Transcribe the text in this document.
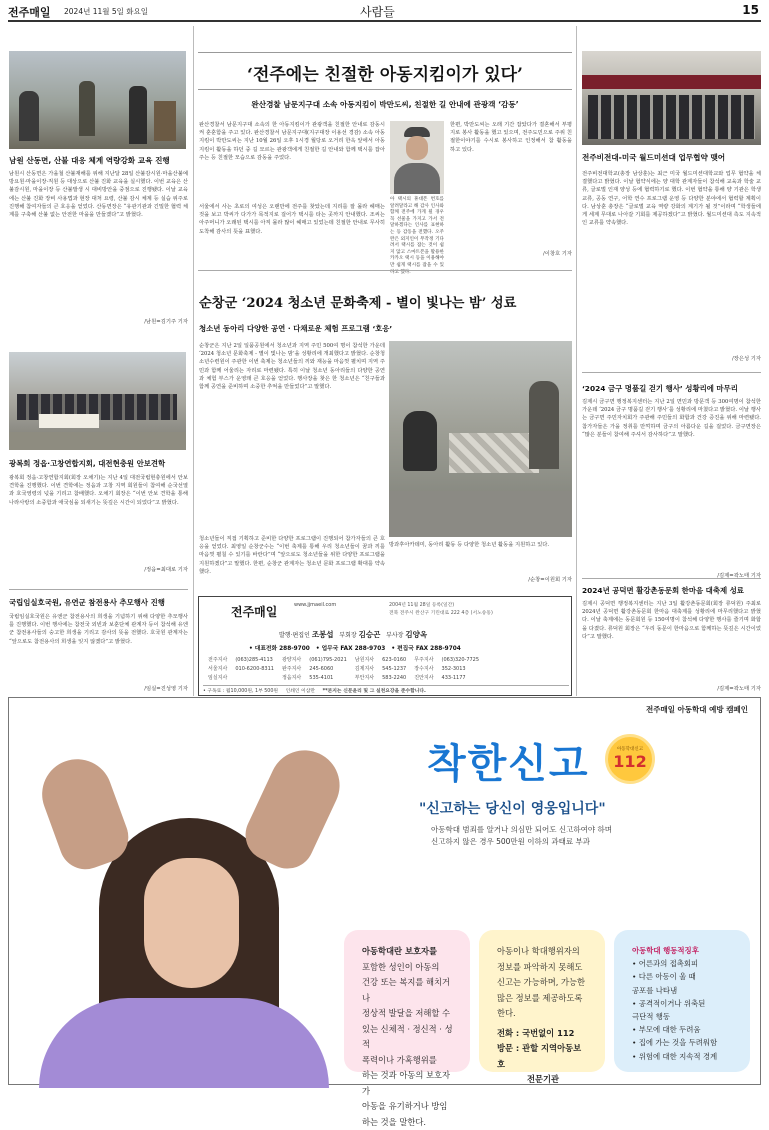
전주매일 2024년 11월 5일 화요일	사람들	15
남원 산동면, 산불 대응 체계 역량강화 교육 진행
남원시 산동면은 가을철 산불재해를 위해 지난달 28일 산불감시원·마을산불예방요원·마을이장·직원 등 대상으로 산불 진화 교육을 실시했다. 이번 교육은 산불감시원, 마을이장 등 산불발생 시 대비방안을 중점으로 진행됐다. 이날 교육에는 산불 진화 장비 사용법과 현장 대처 요령, 산불 감시 체계 등 실습 위주로 진행해 참여자들의 큰 호응을 얻었다. 산동면장은 “유관기관과 긴밀한 협력 체계를 구축해 산불 없는 안전한 마을을 만들겠다”고 밝혔다.
/남원=김기주 기자
광복회 정읍·고창연합지회, 대전현충원 안보견학
광복회 정읍·고창연합지회(회장 오채기)는 지난 4일 대전국립현충원에서 안보 견학을 진행했다. 이번 견학에는 정읍과 고창 지역 회원들이 참여해 순국선열과 호국영령의 넋을 기리고 참배했다. 오채기 회장은 “이번 안보 견학을 통해 나라사랑의 소중함과 애국심을 되새기는 뜻깊은 시간이 되었다”고 밝혔다.
/정읍=최대로 기자
국립임실호국원, 유연군 참전용사 추모행사 진행
국립임실호국원은 유엔군 참전용사의 희생을 기념하기 위해 다양한 추모행사를 진행했다. 이번 행사에는 참전국 외빈과 보훈단체 관계자 등이 참석해 유엔군 참전용사들의 숭고한 희생을 기리고 감사의 뜻을 전했다. 호국원 관계자는 “앞으로도 참전용사의 희생을 잊지 않겠다”고 밝혔다.
/임실=진성영 기자
‘전주에는 친절한 아동지킴이가 있다’
완산경찰 남문지구대 소속 아동지킴이 박만도씨, 친절한 길 안내에 관광객 ‘감동’
완산경찰서 남문지구대 소속의 한 아동지킴이가 관광객을 친절한 안내로 감동시켜 훈훈함을 주고 있다. 완산경찰서 남문지구대(지구대장 이용선 경감) 소속 아동지킴이 박만도씨는 지난 10월 26일 오후 1시경 월당로 오거리 한옥 앞에서 아동 지킴이 활동을 하던 중 길 모르는 관광객에게 친절한 길 안내와 함께 택시를 잡아주는 등 친절한 모습으로 감동을 주었다.
서울에서 사는 초로의 여성은 오랜만에 전주를 찾았는데 지리를 잘 몰라 헤매는 것을 보고 박씨가 다가가 목적지로 걸어가 택시를 타는 곳까지 안내했다. 조씨는 아주머니가 오래된 택시를 아직 몰라 많이 헤매고 있었는데 친절한 안내로 무사히 도착해 감사의 뜻을 표했다.
아 택시의 휴대폰 번호를 알려달라고 해 감사 인사와 함께 전주에 가게 될 경우 꼭 선물을 가지고 가서 전달하겠다는 인사를 표현하는 등 감동을 전했다. 오주완은 외지인이 무작정 기다려서 택시를 잡는 것이 쉽지 않고 스마트폰을 활용한 카카오 택시 등을 이용해야만 쉽게 택시를 잡을 수 있다고 했다.
한편, 박만도씨는 오래 기간 잡았다가 결혼해서 부평지로 봉사 활동을 했고 있으며, 전주도민으로 주위 친절한이야기를 수시로 봉사하고 인정해서 참 활동을 하고 있다.
/이창호 기자
순창군 ‘2024 청소년 문화축제 - 별이 빛나는 밤’ 성료
청소년 동아리 다양한 공연 · 다채로운 체험 프로그램 ‘호응’
순창군은 지난 2일 일품공원에서 청소년과 지역 주민 500여 명이 참석한 가운데 ‘2024 청소년 문화축제 - 별이 빛나는 밤’을 성황리에 개최했다고 밝혔다. 순창청소년수련원이 주관한 이번 축제는 청소년들의 끼와 재능을 마음껏 펼치며 지역 주민과 함께 어울리는 자리로 마련됐다. 특히 이날 청소년 동아리들의 다양한 공연과 체험 부스가 운영돼 큰 호응을 얻었다. 행사장을 찾은 한 청소년은 “친구들과 함께 공연을 준비하며 소중한 추억을 만들었다”고 말했다.
청소년들이 직접 기획하고 준비한 다양한 프로그램이 진행되어 참가자들의 큰 호응을 얻었다. 최영일 순창군수는 “이번 축제를 통해 우리 청소년들이 꿈과 끼를 마음껏 펼칠 수 있기를 바란다”며 “앞으로도 청소년들을 위한 다양한 프로그램을 지원하겠다”고 말했다. 한편, 순창군 관계자는 청소년 문화 프로그램 확대를 약속했다.
방과후아카데미, 동아리 활동 등 다양한 청소년 활동을 지원하고 있다.
/순창=이원회 기자
전주매일	www.jjmaeil.com	2004년 11월 28일 등록(일간)
전북 전주시 완산구 기린대로 222 4층 (서노송동)
발행·편집인 조봉섭 부회장 김승곤 부사장 김양옥
• 대표전화 288-9700 • 업무국 FAX 288-9703 • 편집국 FAX 288-9704
전주지사	(063)285-4113	광양지사	(061)795-2021	남원지사	623-0160	무주지사	(063)320-7725
서울지사	010-6200-8311	완주지사	245-6060	김제지사	545-1237	장수지사	352-3013
임실지사		정읍지사	535-4101	부안지사	583-2240	진안지사	433-1177
• 구독료 : 월10,000원, 1부 500원 인쇄인 이삼만 **본지는 신문윤리 및 그 실천요강을 준수합니다.
전주비전대-미국 월드미션대 업무협약 맺어
전주비전대학교(총장 남상훈)는 최근 미국 월드미션대학교와 업무 협약을 체결했다고 밝혔다. 이날 협약식에는 양 대학 관계자들이 참석해 교육과 학술 교류, 글로벌 인재 양성 등에 협력하기로 했다. 이번 협약을 통해 양 기관은 학생 교류, 공동 연구, 어학 연수 프로그램 운영 등 다양한 분야에서 협력할 계획이다. 남상훈 총장은 “글로벌 교육 역량 강화의 계기가 될 것”이라며 “학생들에게 세계 무대로 나아갈 기회를 제공하겠다”고 밝혔다. 월드미션대 측도 지속적인 교류를 약속했다.
/장은성 기자
‘2024 금구 명품길 걷기 행사’ 성황리에 마무리
김제시 금구면 행정복지센터는 지난 2일 면민과 방문객 등 300여명이 참석한 가운데 ‘2024 금구 명품길 걷기 행사’를 성황리에 마쳤다고 밝혔다. 이날 행사는 금구면 주민자치회가 주관해 주민들의 화합과 건강 증진을 위해 마련됐다. 참가자들은 가을 정취를 만끽하며 금구의 아름다운 길을 걸었다. 금구면장은 “많은 분들이 참여해 주셔서 감사하다”고 말했다.
/김제=곽노태 기자
2024년 공덕면 활강촌동문회 한마음 대축제 성료
김제시 공덕면 행정복지센터는 지난 3일 활강촌동문회(회장 류덕원) 주최로 2024년 공덕면 활강촌동문회 한마음 대축제를 성황리에 마무리했다고 밝혔다. 이날 축제에는 동문회원 등 150여명이 참석해 다양한 행사를 즐기며 화합을 다졌다. 류덕원 회장은 “우리 동문이 한마음으로 함께하는 뜻깊은 시간이었다”고 말했다.
/김제=곽노태 기자
전주매일 아동학대 예방 캠페인
착한신고	아동학대신고
112
"신고하는 당신이 영웅입니다"
아동학대 범죄를 알거나 의심만 되어도 신고하여야 하며
신고하지 않은 경우 500만원 이하의 과태료 부과
아동학대란 보호자를
포함한 성인이 아동의
건강 또는 복지를 해치거나
정상적 발달을 저해할 수
있는 신체적 · 정신적 · 성적
폭력이나 가혹행위를
하는 것과 아동의 보호자가
아동을 유기하거나 방임
하는 것을 말한다.
아동이나 학대행위자의
정보를 파악하지 못해도
신고는 가능하며, 가능한
많은 정보를 제공하도록
한다.
전화 : 국번없이 112
방문 : 관할 지역아동보호
전문기관
아동학대 행동적징후
• 어른과의 접촉회피
• 다른 아동이 울 때
공포를 나타냄
• 공격적이거나 위축된
극단적 행동
• 부모에 대한 두려움
• 집에 가는 것을 두려워함
• 위험에 대한 지속적 경계
